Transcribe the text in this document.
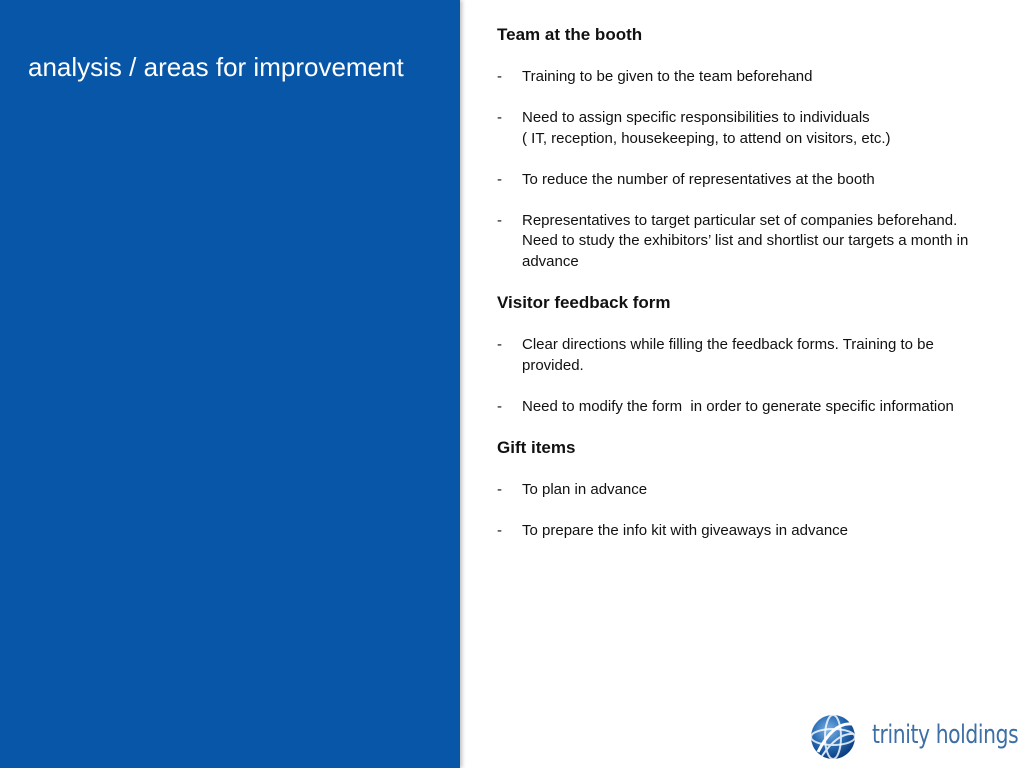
analysis / areas for improvement
Team at the booth
-	Training to be given to the team beforehand
-	Need to assign specific responsibilities to individuals
( IT, reception, housekeeping, to attend on visitors, etc.)
-	To reduce the number of representatives at the booth
-	Representatives to target particular set of companies beforehand. Need to study the exhibitors’ list and shortlist our targets a month in advance
Visitor feedback form
-	Clear directions while filling the feedback forms. Training to be provided.
-	Need to modify the form  in order to generate specific information
Gift items
-	To plan in advance
-	To prepare the info kit with giveaways in advance
trinity holdings
